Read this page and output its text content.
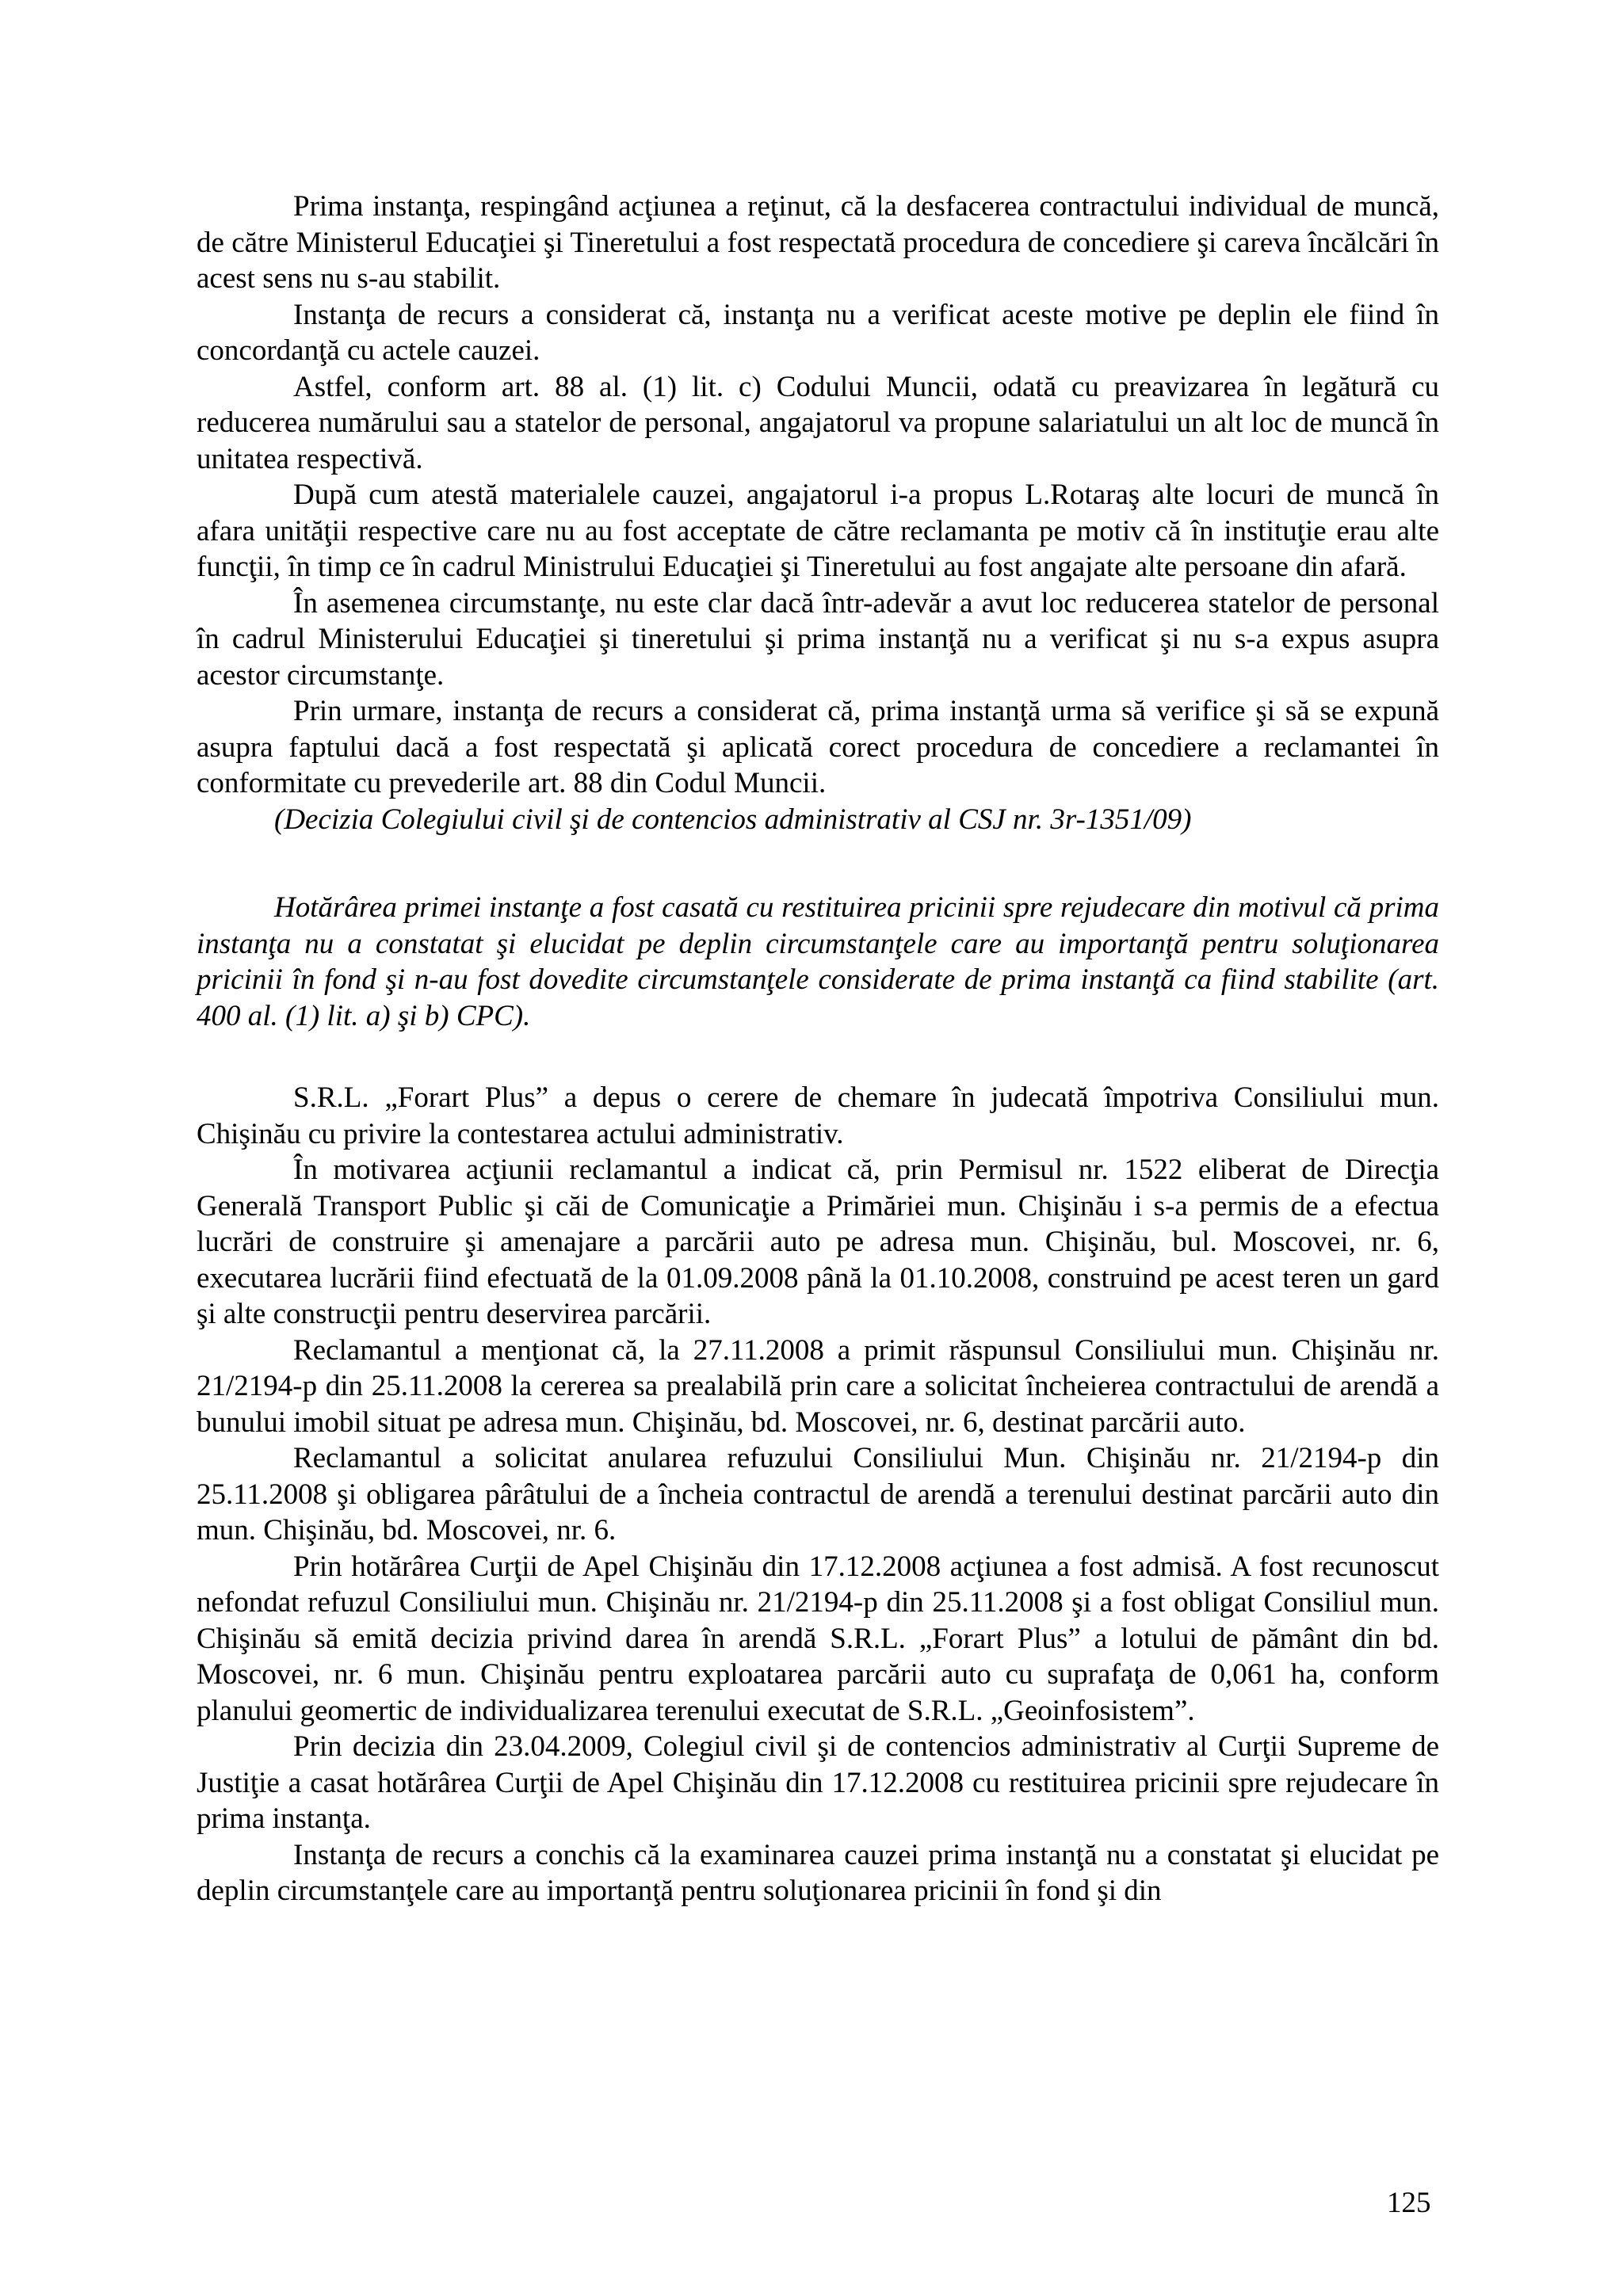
Prima instanţa, respingând acţiunea a reţinut, că la desfacerea contractului individual de muncă, de către Ministerul Educaţiei şi Tineretului a fost respectată procedura de concediere şi careva încălcări în acest sens nu s-au stabilit.

Instanţa de recurs a considerat că, instanţa nu a verificat aceste motive pe deplin ele fiind în concordanţă cu actele cauzei.

Astfel, conform art. 88 al. (1) lit. c) Codului Muncii, odată cu preavizarea în legătură cu reducerea numărului sau a statelor de personal, angajatorul va propune salariatului un alt loc de muncă în unitatea respectivă.

După cum atestă materialele cauzei, angajatorul i-a propus L.Rotaraş alte locuri de muncă în afara unităţii respective care nu au fost acceptate de către reclamanta pe motiv că în instituţie erau alte funcţii, în timp ce în cadrul Ministrului Educaţiei şi Tineretului au fost angajate alte persoane din afară.

În asemenea circumstanţe, nu este clar dacă într-adevăr a avut loc reducerea statelor de personal în cadrul Ministerului Educaţiei şi tineretului şi prima instanţă nu a verificat şi nu s-a expus asupra acestor circumstanţe.

Prin urmare, instanţa de recurs a considerat că, prima instanţă urma să verifice şi să se expună asupra faptului dacă a fost respectată şi aplicată corect procedura de concediere a reclamantei în conformitate cu prevederile art. 88 din Codul Muncii.

(Decizia Colegiului civil şi de contencios administrativ al CSJ nr. 3r-1351/09)

Hotărârea primei instanţe a fost casată cu restituirea pricinii spre rejudecare din motivul că prima instanţa nu a constatat şi elucidat pe deplin circumstanţele care au importanţă pentru soluţionarea pricinii în fond şi n-au fost dovedite circumstanţele considerate de prima instanţă ca fiind stabilite (art. 400 al. (1) lit. a) şi b) CPC).

S.R.L. „Forart Plus” a depus o cerere de chemare în judecată împotriva Consiliului mun. Chişinău cu privire la contestarea actului administrativ.

În motivarea acţiunii reclamantul a indicat că, prin Permisul nr. 1522 eliberat de Direcţia Generală Transport Public şi căi de Comunicaţie a Primăriei mun. Chişinău i s-a permis de a efectua lucrări de construire şi amenajare a parcării auto pe adresa mun. Chişinău, bul. Moscovei, nr. 6, executarea lucrării fiind efectuată de la 01.09.2008 până la 01.10.2008, construind pe acest teren un gard şi alte construcţii pentru deservirea parcării.

Reclamantul a menţionat că, la 27.11.2008 a primit răspunsul Consiliului mun. Chişinău nr. 21/2194-p din 25.11.2008 la cererea sa prealabilă prin care a solicitat încheierea contractului de arendă a bunului imobil situat pe adresa mun. Chişinău, bd. Moscovei, nr. 6, destinat parcării auto.

Reclamantul a solicitat anularea refuzului Consiliului Mun. Chişinău nr. 21/2194-p din 25.11.2008 şi obligarea pârâtului de a încheia contractul de arendă a terenului destinat parcării auto din mun. Chişinău, bd. Moscovei, nr. 6.

Prin hotărârea Curţii de Apel Chişinău din 17.12.2008 acţiunea a fost admisă. A fost recunoscut nefondat refuzul Consiliului mun. Chişinău nr. 21/2194-p din 25.11.2008 şi a fost obligat Consiliul mun. Chişinău să emită decizia privind darea în arendă S.R.L. „Forart Plus” a lotului de pământ din bd. Moscovei, nr. 6 mun. Chişinău pentru exploatarea parcării auto cu suprafaţa de 0,061 ha, conform planului geomertic de individualizarea terenului executat de S.R.L. „Geoinfosistem”.

Prin decizia din 23.04.2009, Colegiul civil şi de contencios administrativ al Curţii Supreme de Justiţie a casat hotărârea Curţii de Apel Chişinău din 17.12.2008 cu restituirea pricinii spre rejudecare în prima instanţa.

Instanţa de recurs a conchis că la examinarea cauzei prima instanţă nu a constatat şi elucidat pe deplin circumstanţele care au importanţă pentru soluţionarea pricinii în fond şi din

125
